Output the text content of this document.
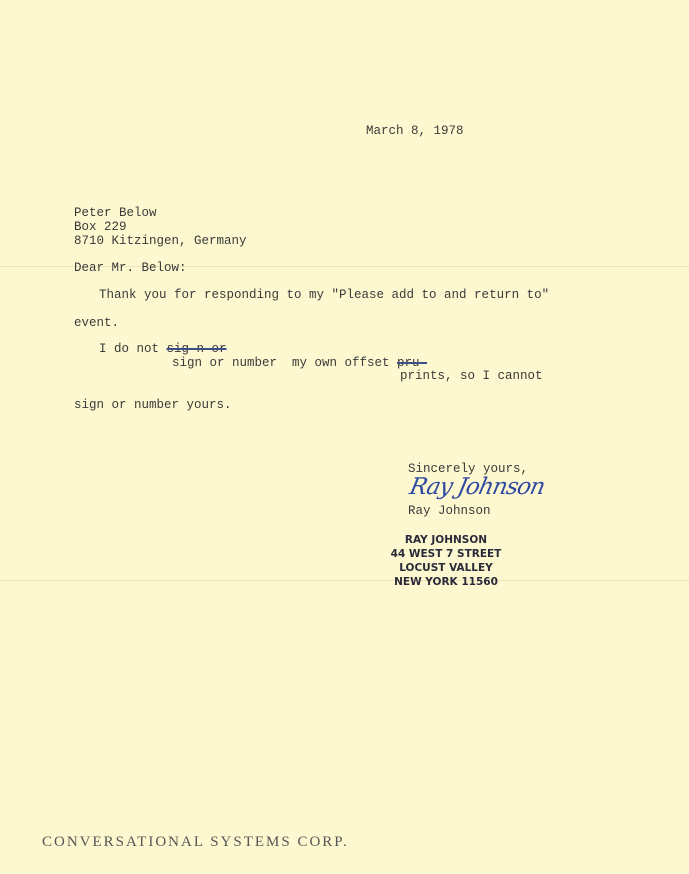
March 8, 1978
Peter Below
Box 229
8710 Kitzingen, Germany
Dear Mr. Below:
Thank you for responding to my "Please add to and return to"
event.
I do not sig n or
sign or number  my own offset pru-
prints, so I cannot
sign or number yours.
Sincerely yours,
Ray Johnson
Ray Johnson
RAY JOHNSON
44 WEST 7 STREET
LOCUST VALLEY
NEW YORK 11560
CONVERSATIONAL SYSTEMS CORP.
